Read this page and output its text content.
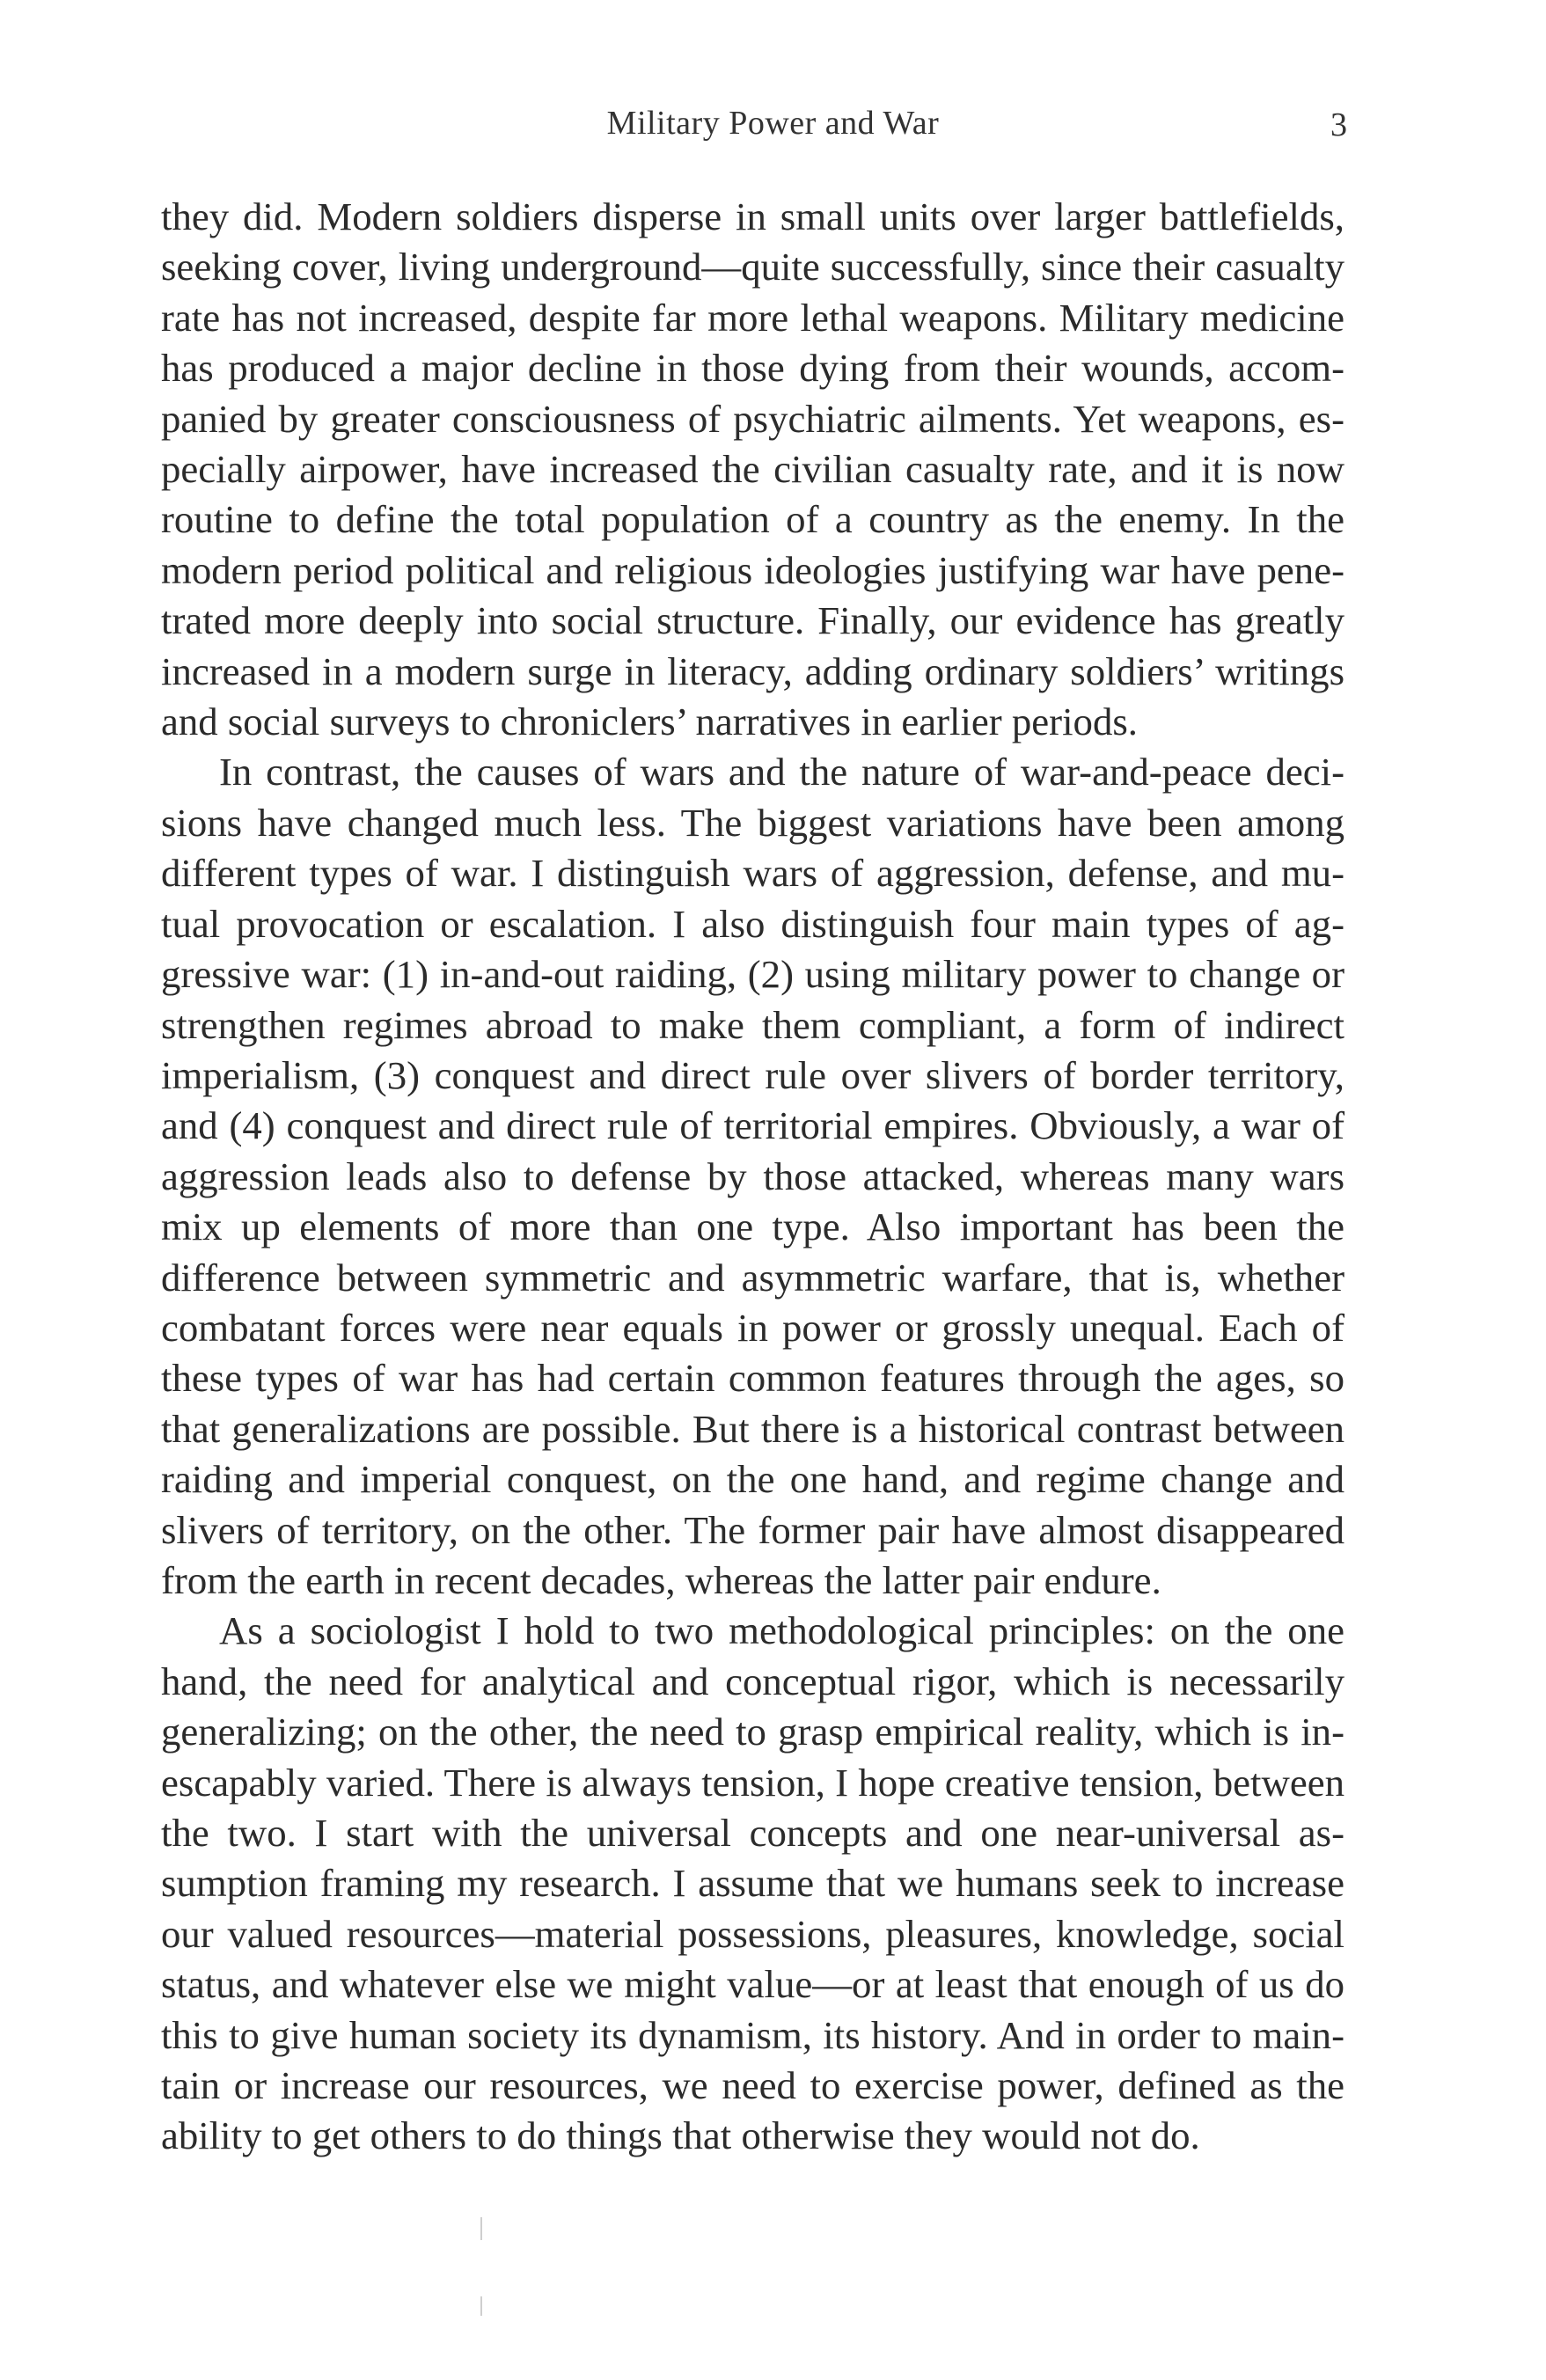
Military Power and War	3

they did. Modern soldiers disperse in small units over larger battlefields, seeking cover, living underground—quite successfully, since their casualty rate has not increased, despite far more lethal weapons. Military medicine has produced a major decline in those dying from their wounds, accompanied by greater consciousness of psychiatric ailments. Yet weapons, especially airpower, have increased the civilian casualty rate, and it is now routine to define the total population of a country as the enemy. In the modern period political and religious ideologies justifying war have penetrated more deeply into social structure. Finally, our evidence has greatly increased in a modern surge in literacy, adding ordinary soldiers’ writings and social surveys to chroniclers’ narratives in earlier periods.

In contrast, the causes of wars and the nature of war-and-peace decisions have changed much less. The biggest variations have been among different types of war. I distinguish wars of aggression, defense, and mutual provocation or escalation. I also distinguish four main types of aggressive war: (1) in-and-out raiding, (2) using military power to change or strengthen regimes abroad to make them compliant, a form of indirect imperialism, (3) conquest and direct rule over slivers of border territory, and (4) conquest and direct rule of territorial empires. Obviously, a war of aggression leads also to defense by those attacked, whereas many wars mix up elements of more than one type. Also important has been the difference between symmetric and asymmetric warfare, that is, whether combatant forces were near equals in power or grossly unequal. Each of these types of war has had certain common features through the ages, so that generalizations are possible. But there is a historical contrast between raiding and imperial conquest, on the one hand, and regime change and slivers of territory, on the other. The former pair have almost disappeared from the earth in recent decades, whereas the latter pair endure.

As a sociologist I hold to two methodological principles: on the one hand, the need for analytical and conceptual rigor, which is necessarily generalizing; on the other, the need to grasp empirical reality, which is inescapably varied. There is always tension, I hope creative tension, between the two. I start with the universal concepts and one near-universal assumption framing my research. I assume that we humans seek to increase our valued resources—material possessions, pleasures, knowledge, social status, and whatever else we might value—or at least that enough of us do this to give human society its dynamism, its history. And in order to maintain or increase our resources, we need to exercise power, defined as the ability to get others to do things that otherwise they would not do.
